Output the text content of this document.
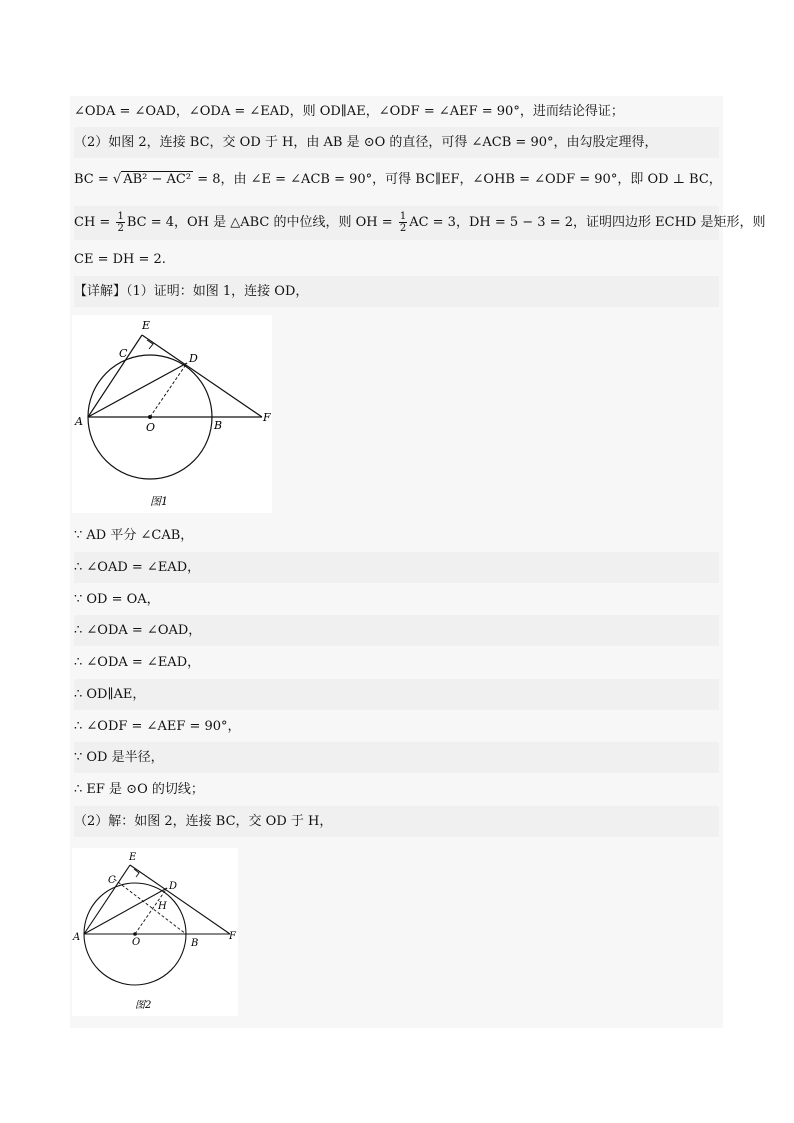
∠ODA = ∠OAD，∠ODA = ∠EAD，则 OD∥AE，∠ODF = ∠AEF = 90°，进而结论得证；
（2）如图 2，连接 BC，交 OD 于 H，由 AB 是 ⊙O 的直径，可得 ∠ACB = 90°，由勾股定理得，
BC = √ AB² − AC² = 8，由 ∠E = ∠ACB = 90°，可得 BC∥EF，∠OHB = ∠ODF = 90°，即 OD ⊥ BC，
CH = $\frac{1}{2}$ BC = 4，OH 是 △ABC 的中位线，则 OH = $\frac{1}{2}$ AC = 3，DH = 5 − 3 = 2，证明四边形 ECHD 是矩形，则
CE = DH = 2.
【详解】（1）证明：如图 1，连接 OD，
E
C	D
A	O	B
F
图1
∵ AD 平分 ∠CAB，
∴ ∠OAD = ∠EAD，
∵ OD = OA，
∴ ∠ODA = ∠OAD，
∴ ∠ODA = ∠EAD，
∴ OD∥AE，
∴ ∠ODF = ∠AEF = 90°，
∵ OD 是半径，
∴ EF 是 ⊙O 的切线；
（2）解：如图 2，连接 BC，交 OD 于 H，
E
C
D
H
A	O	B
F
图2
